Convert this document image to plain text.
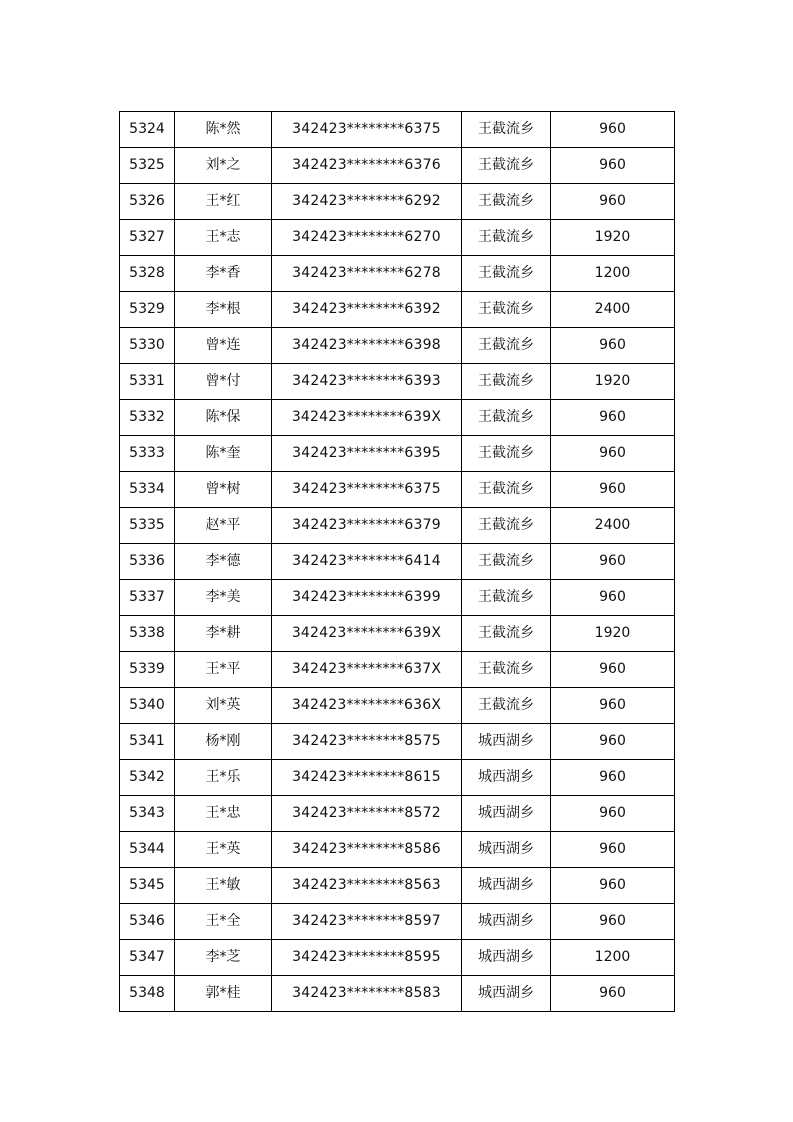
5324	陈*然	342423********6375	王截流乡	960
5325	刘*之	342423********6376	王截流乡	960
5326	王*红	342423********6292	王截流乡	960
5327	王*志	342423********6270	王截流乡	1920
5328	李*香	342423********6278	王截流乡	1200
5329	李*根	342423********6392	王截流乡	2400
5330	曾*连	342423********6398	王截流乡	960
5331	曾*付	342423********6393	王截流乡	1920
5332	陈*保	342423********639X	王截流乡	960
5333	陈*奎	342423********6395	王截流乡	960
5334	曾*树	342423********6375	王截流乡	960
5335	赵*平	342423********6379	王截流乡	2400
5336	李*德	342423********6414	王截流乡	960
5337	李*美	342423********6399	王截流乡	960
5338	李*耕	342423********639X	王截流乡	1920
5339	王*平	342423********637X	王截流乡	960
5340	刘*英	342423********636X	王截流乡	960
5341	杨*刚	342423********8575	城西湖乡	960
5342	王*乐	342423********8615	城西湖乡	960
5343	王*忠	342423********8572	城西湖乡	960
5344	王*英	342423********8586	城西湖乡	960
5345	王*敏	342423********8563	城西湖乡	960
5346	王*全	342423********8597	城西湖乡	960
5347	李*芝	342423********8595	城西湖乡	1200
5348	郭*桂	342423********8583	城西湖乡	960
